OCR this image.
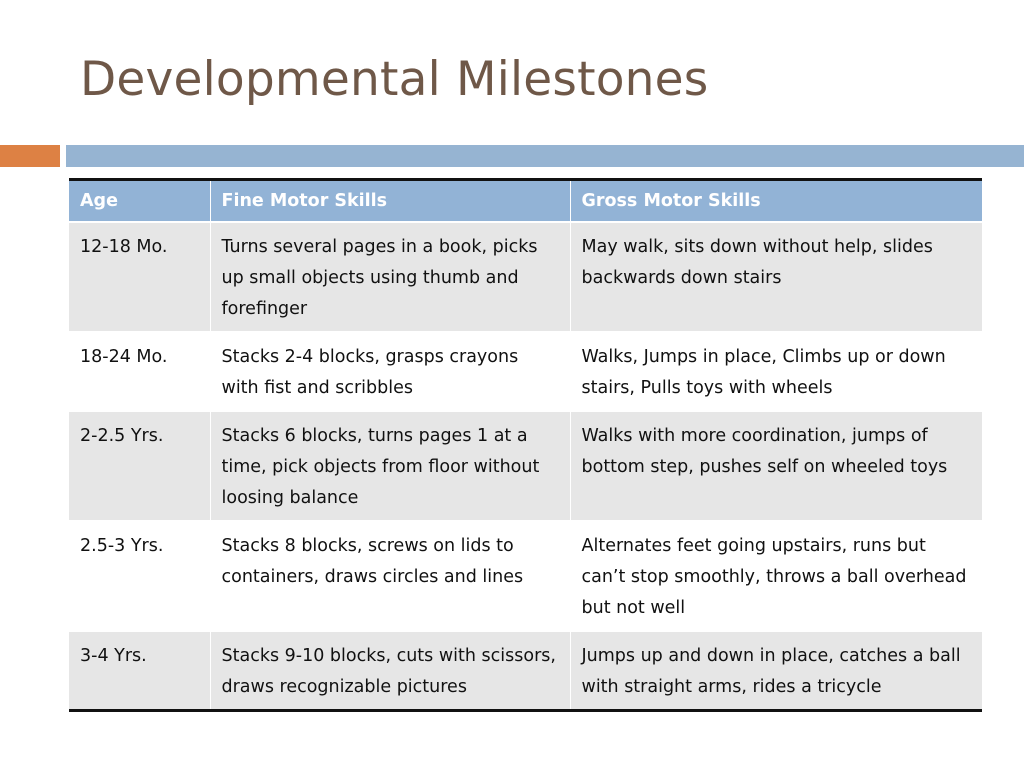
Developmental Milestones
Age	Fine Motor Skills	Gross Motor Skills
12-18 Mo.	Turns several pages in a book, picks up small objects using thumb and forefinger	May walk, sits down without help, slides backwards down stairs
18-24 Mo.	Stacks 2-4 blocks, grasps crayons with fist and scribbles	Walks, Jumps in place, Climbs up or down stairs, Pulls toys with wheels
2-2.5 Yrs.	Stacks 6 blocks, turns pages 1 at a time, pick objects from floor without loosing balance	Walks with more coordination, jumps of bottom step, pushes self on wheeled toys
2.5-3 Yrs.	Stacks 8 blocks, screws on lids to containers, draws circles and lines	Alternates feet going upstairs, runs but can’t stop smoothly, throws a ball overhead but not well
3-4 Yrs.	Stacks 9-10 blocks, cuts with scissors, draws recognizable pictures	Jumps up and down in place, catches a ball with straight arms, rides a tricycle
